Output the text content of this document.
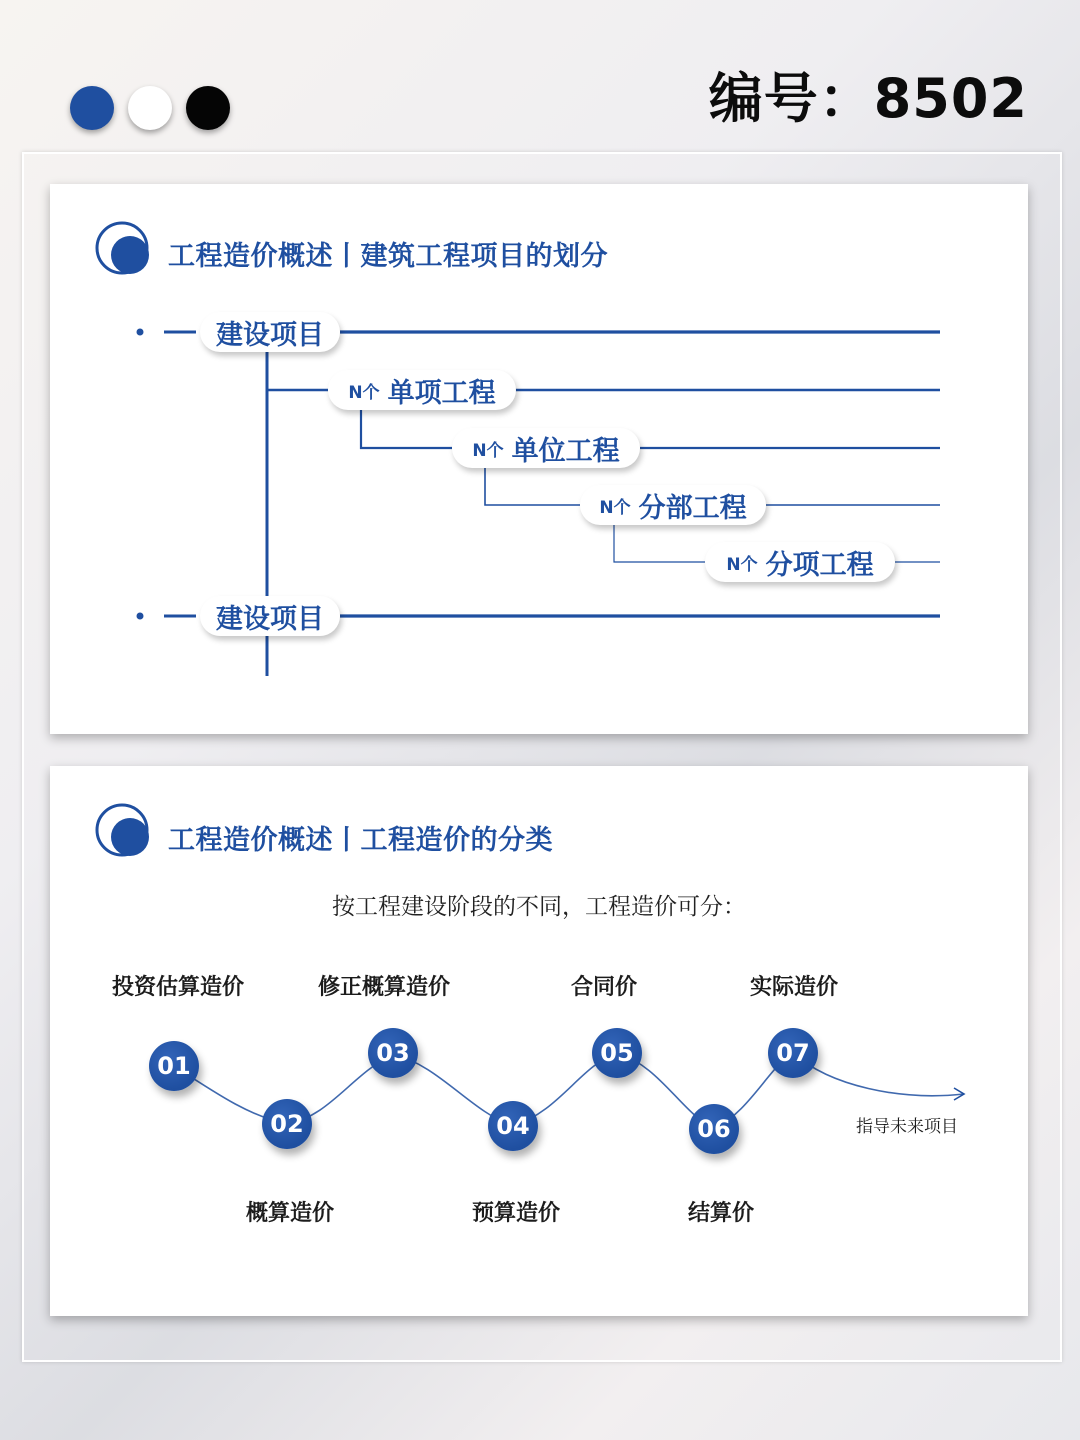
编号：8502
工程造价概述丨建筑工程项目的划分
建设项目
N个 单项工程
N个 单位工程
N个 分部工程
N个 分项工程
建设项目
工程造价概述丨工程造价的分类
按工程建设阶段的不同，工程造价可分：
投资估算造价	修正概算造价	合同价	实际造价
概算造价	预算造价	结算价
01
02
03
04
05
06
07
指导未来项目
